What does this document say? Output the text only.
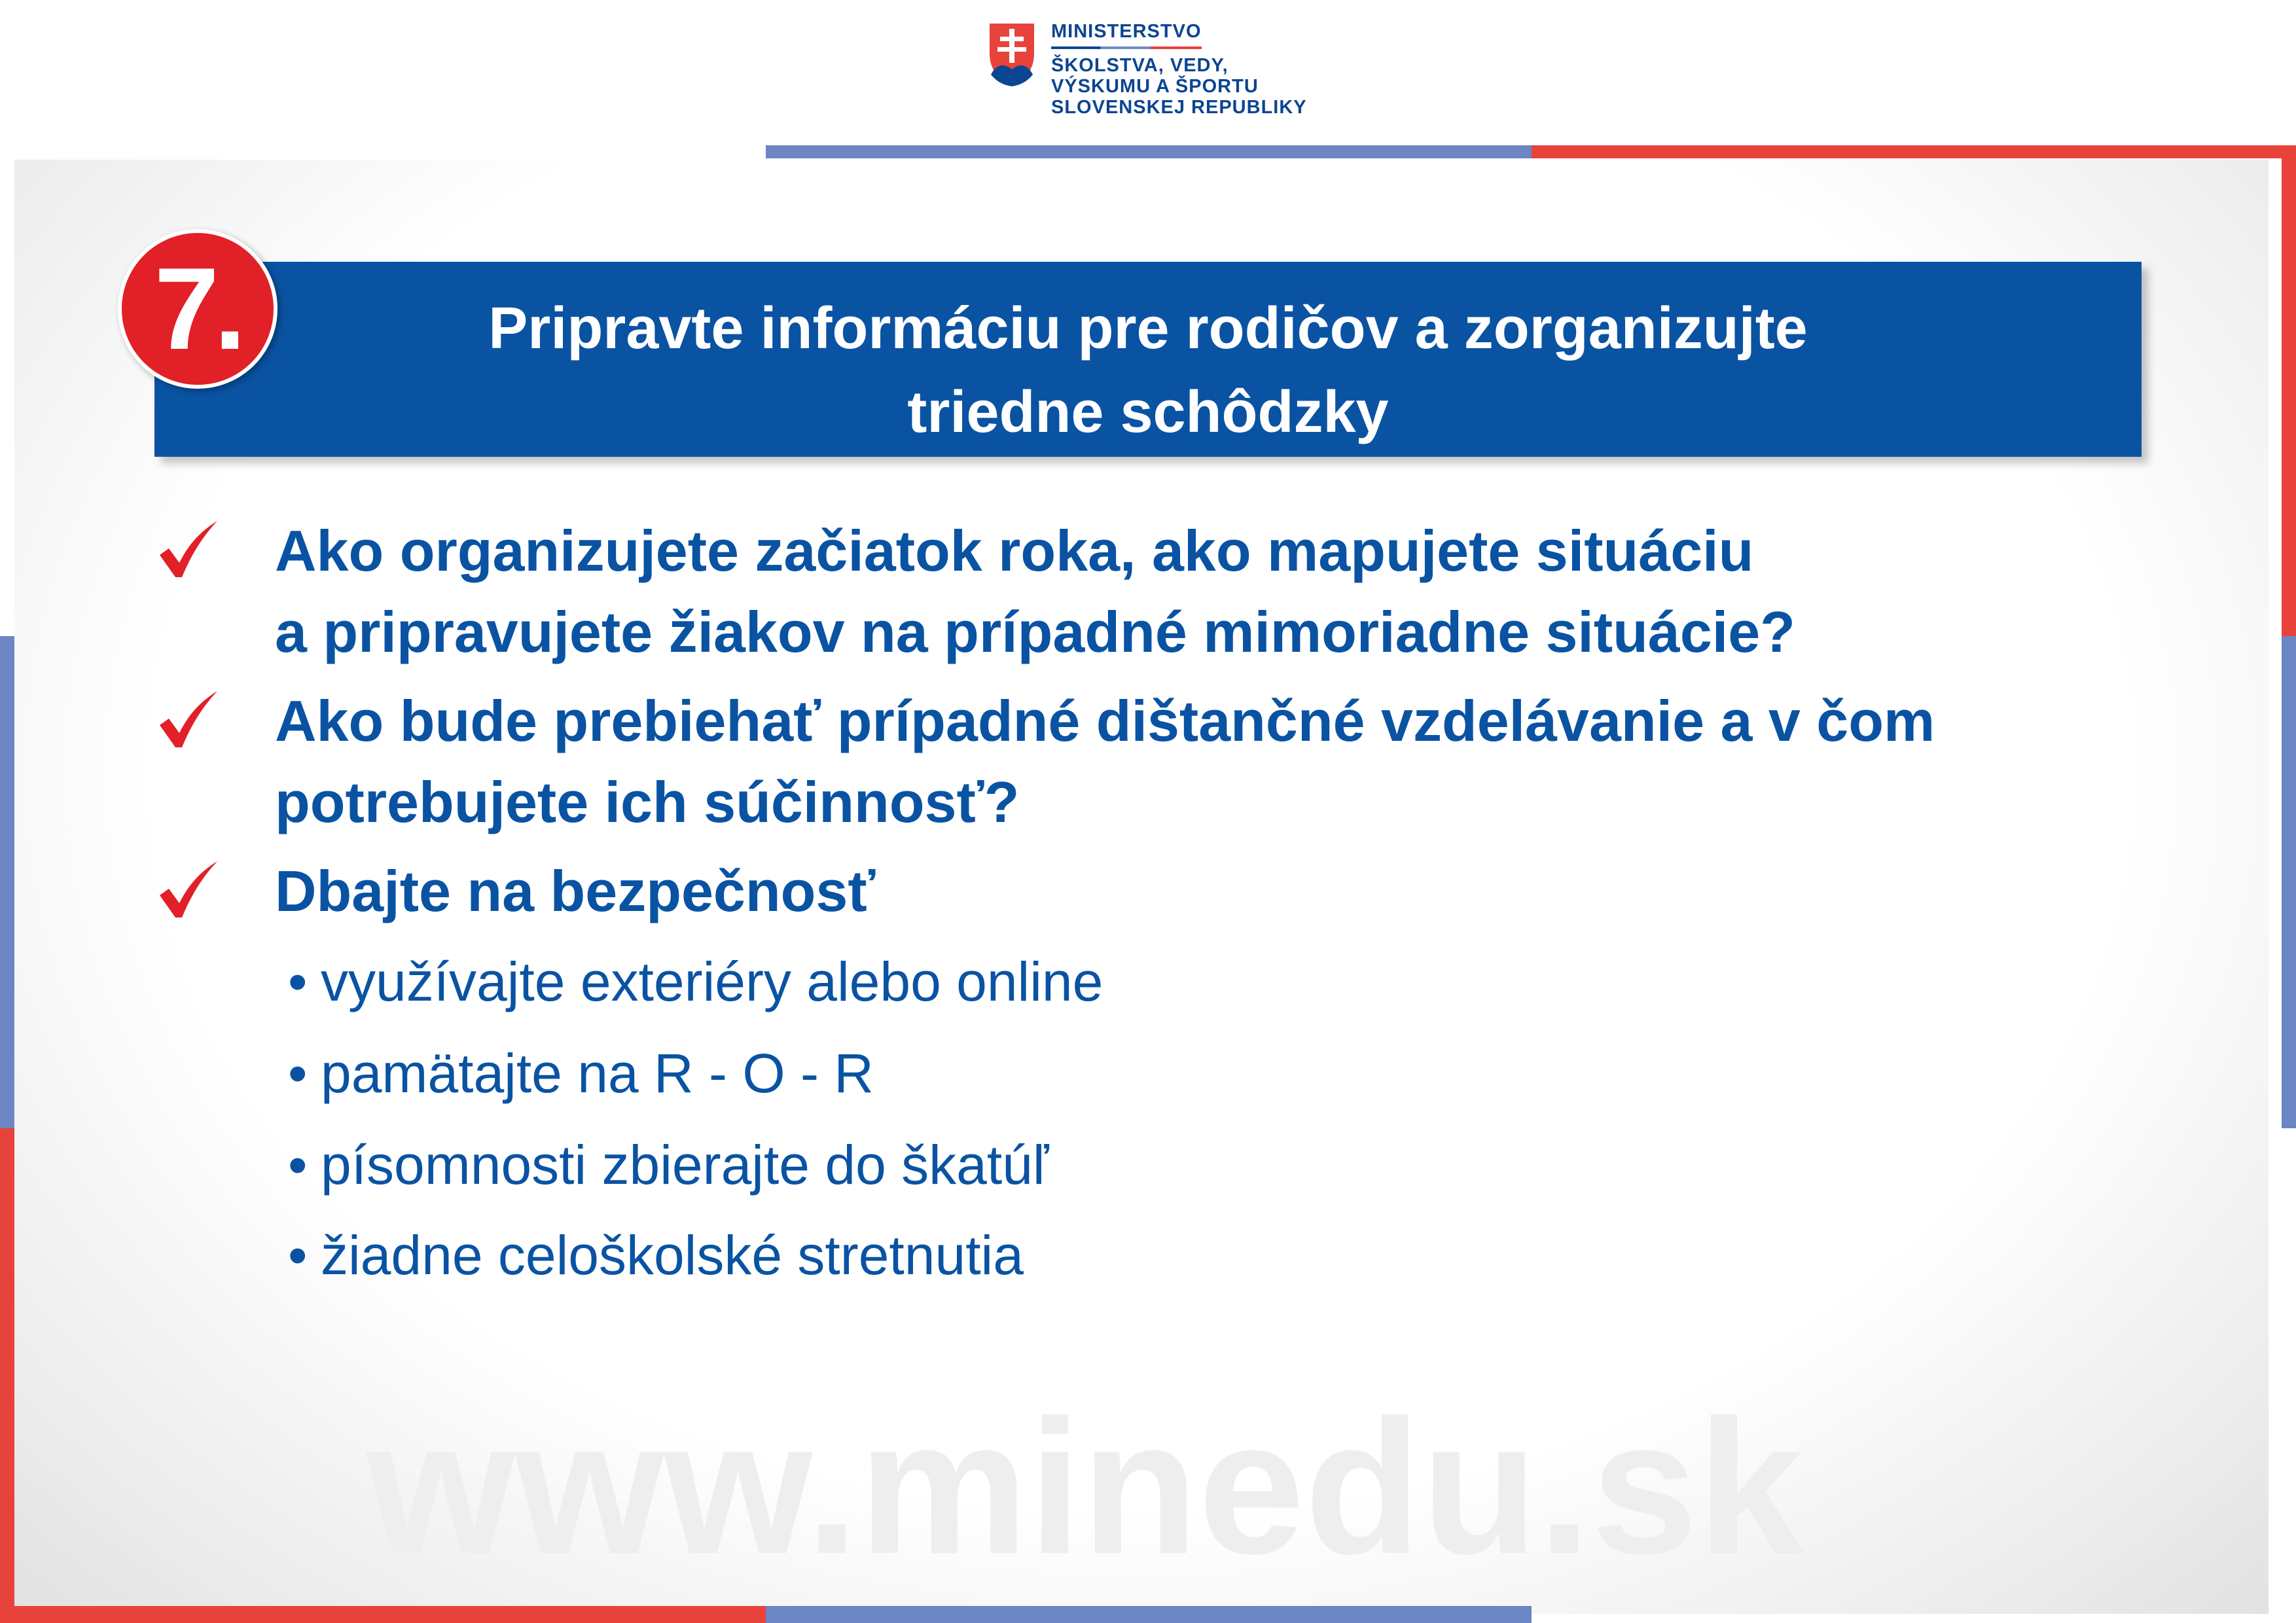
MINISTERSTVO
ŠKOLSTVA, VEDY,
VÝSKUMU A ŠPORTU
SLOVENSKEJ REPUBLIKY
www.minedu.sk
Pripravte informáciu pre rodičov a zorganizujte
triedne schôdzky
7.
Ako organizujete začiatok roka, ako mapujete situáciu
a pripravujete žiakov na prípadné mimoriadne situácie?
Ako bude prebiehať prípadné dištančné vzdelávanie a v čom
potrebujete ich súčinnosť?
Dbajte na bezpečnosť
• využívajte exteriéry alebo online
• pamätajte na R - O - R
• písomnosti zbierajte do škatúľ
• žiadne celoškolské stretnutia
